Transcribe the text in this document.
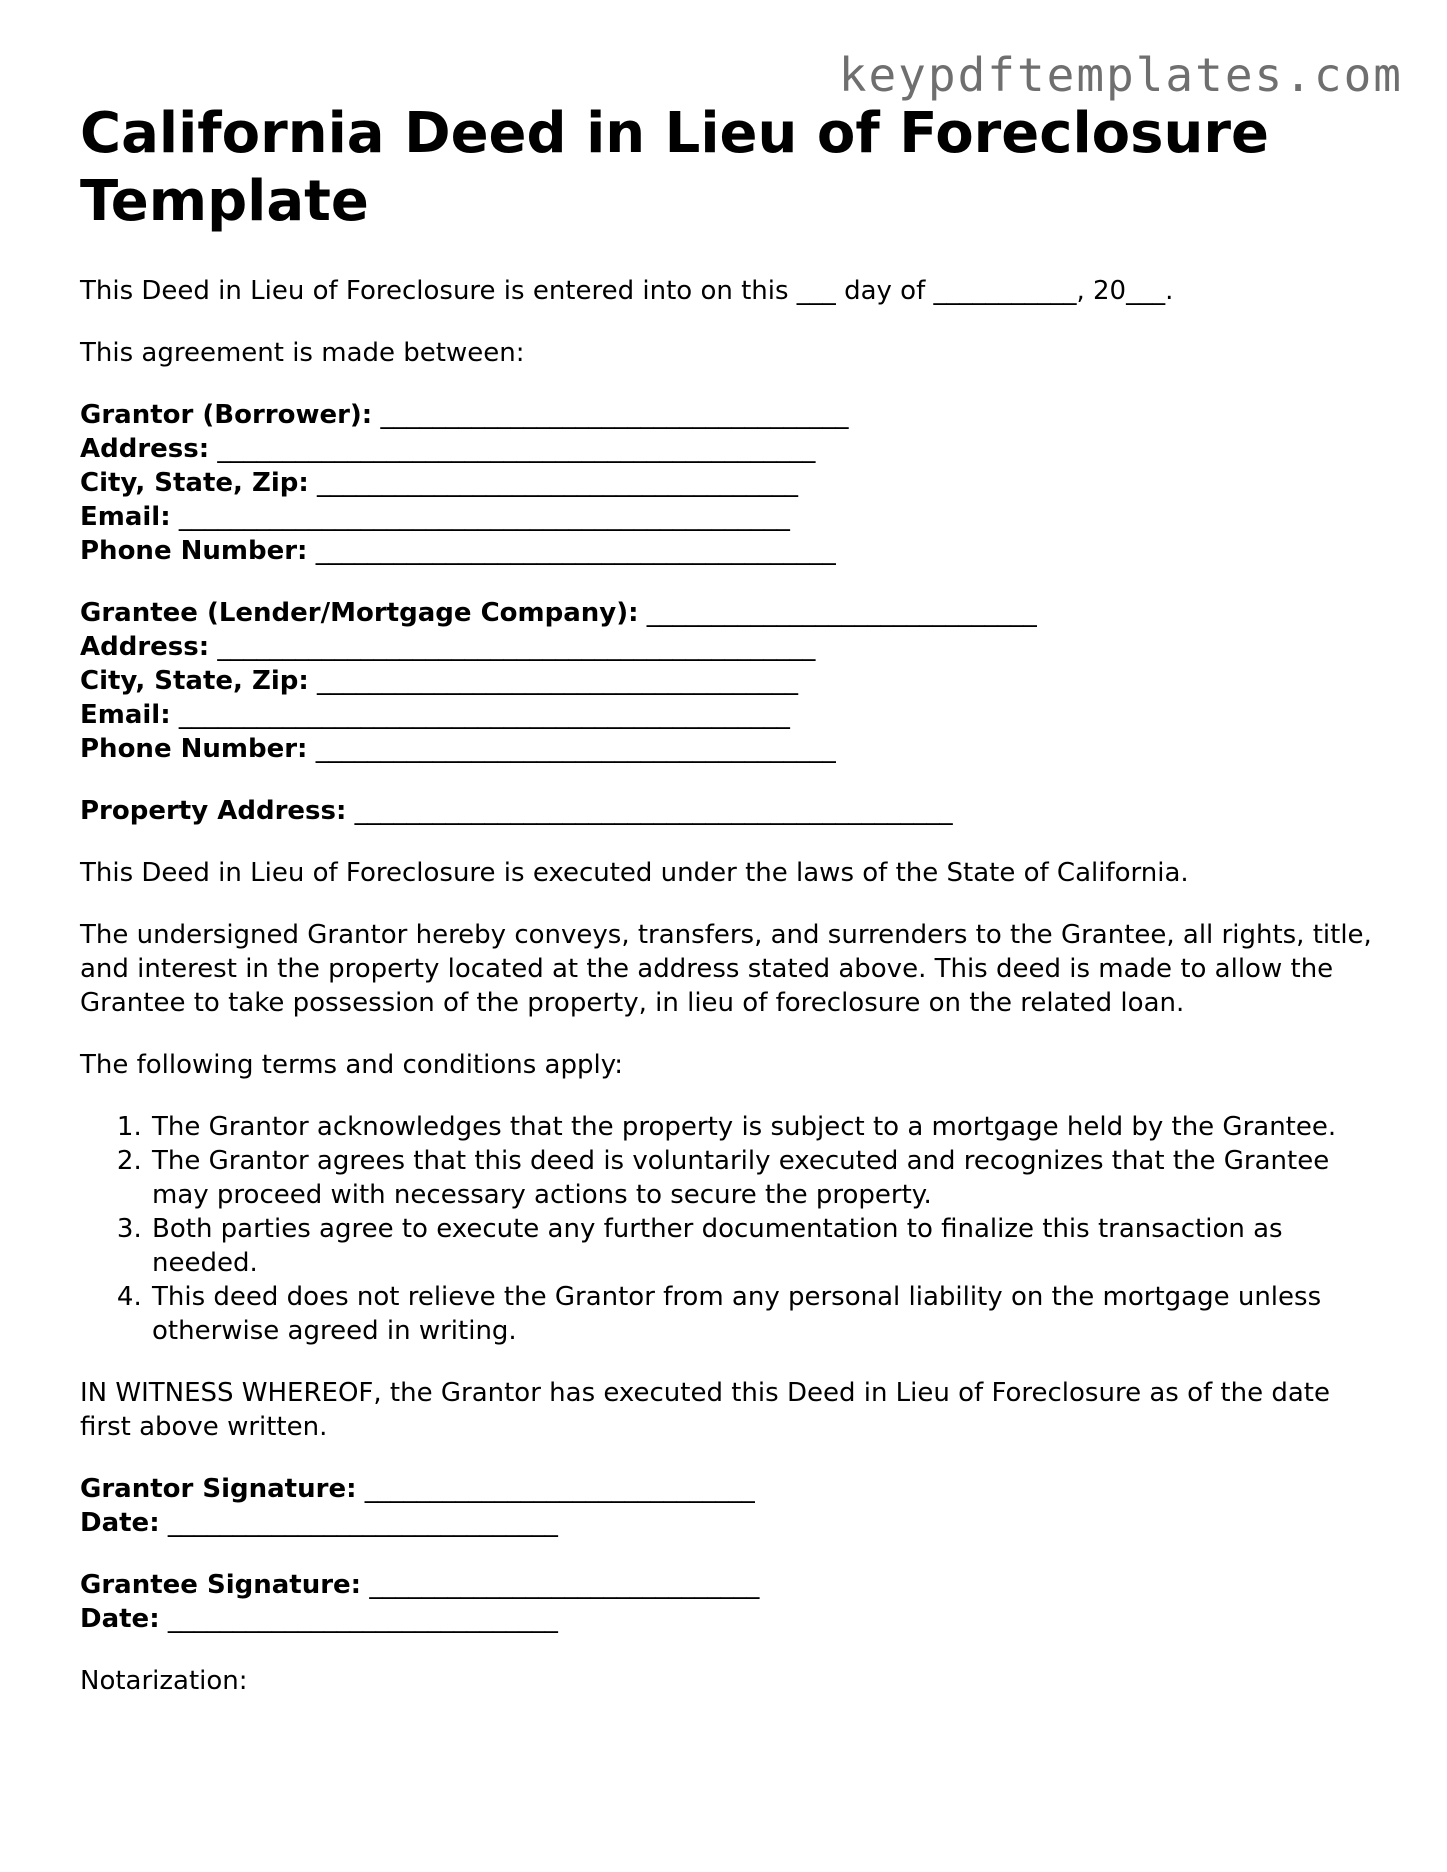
keypdftemplates.com
California Deed in Lieu of Foreclosure Template

This Deed in Lieu of Foreclosure is entered into on this ___ day of ___________, 20___.

This agreement is made between:

Grantor (Borrower): ____________________________________
Address: ______________________________________________
City, State, Zip: _____________________________________
Email: _______________________________________________
Phone Number: ________________________________________
Grantee (Lender/Mortgage Company): ______________________________
Address: ______________________________________________
City, State, Zip: _____________________________________
Email: _______________________________________________
Phone Number: ________________________________________
Property Address: ______________________________________________

This Deed in Lieu of Foreclosure is executed under the laws of the State of California.

The undersigned Grantor hereby conveys, transfers, and surrenders to the Grantee, all rights, title, and interest in the property located at the address stated above. This deed is made to allow the Grantee to take possession of the property, in lieu of foreclosure on the related loan.

The following terms and conditions apply:

1. The Grantor acknowledges that the property is subject to a mortgage held by the Grantee.
2. The Grantor agrees that this deed is voluntarily executed and recognizes that the Grantee may proceed with necessary actions to secure the property.
3. Both parties agree to execute any further documentation to finalize this transaction as needed.
4. This deed does not relieve the Grantor from any personal liability on the mortgage unless otherwise agreed in writing.

IN WITNESS WHEREOF, the Grantor has executed this Deed in Lieu of Foreclosure as of the date first above written.

Grantor Signature: ______________________________
Date: ______________________________
Grantee Signature: ______________________________
Date: ______________________________

Notarization:
